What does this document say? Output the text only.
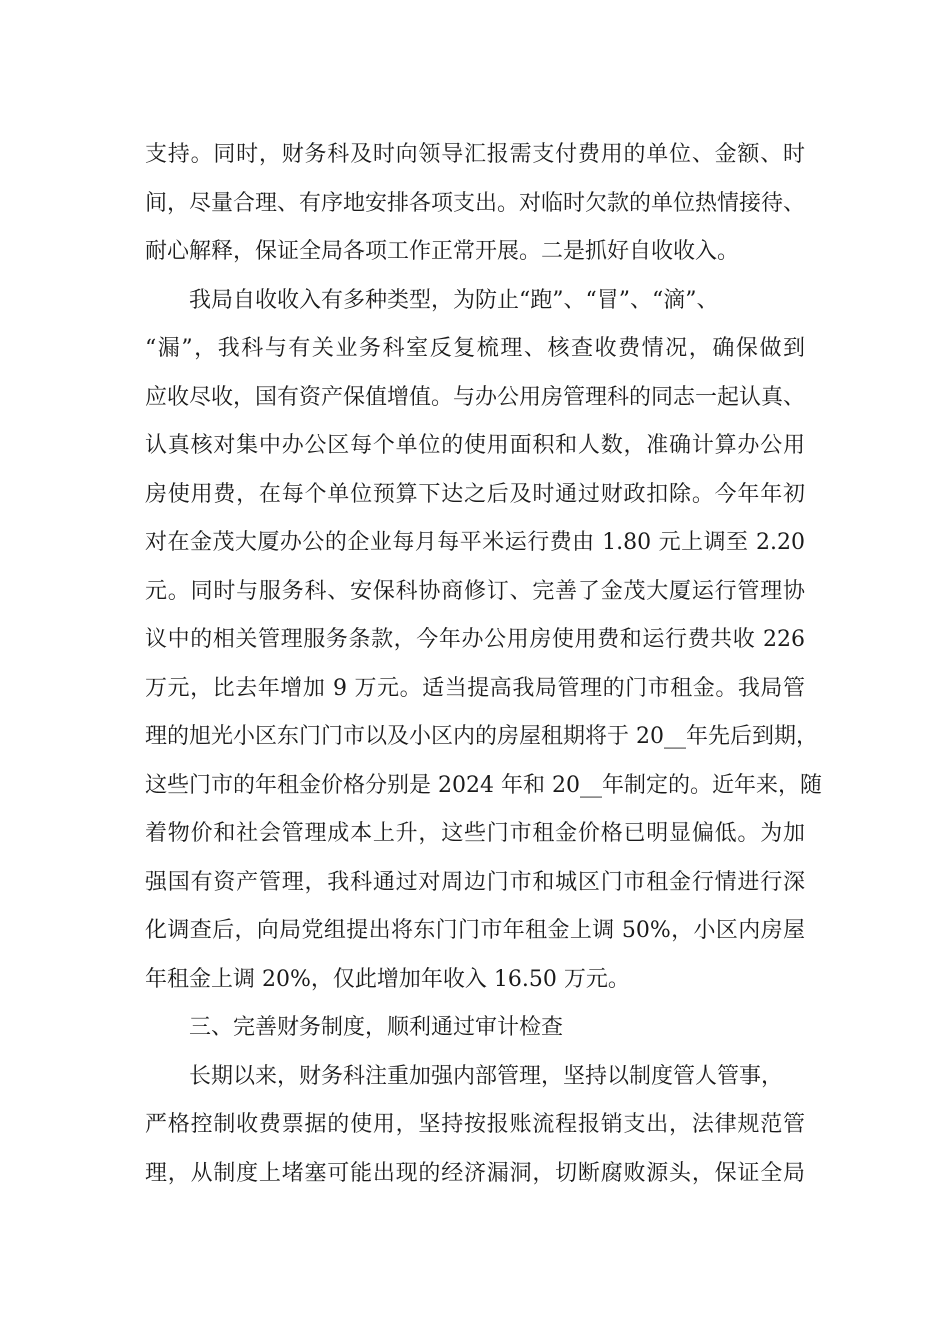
支持。同时，财务科及时向领导汇报需支付费用的单位、金额、时
间，尽量合理、有序地安排各项支出。对临时欠款的单位热情接待、
耐心解释，保证全局各项工作正常开展。二是抓好自收收入。
我局自收收入有多种类型，为防止“跑”、“冒”、“滴”、
“漏”，我科与有关业务科室反复梳理、核查收费情况，确保做到
应收尽收，国有资产保值增值。与办公用房管理科的同志一起认真、
认真核对集中办公区每个单位的使用面积和人数，准确计算办公用
房使用费，在每个单位预算下达之后及时通过财政扣除。今年年初
对在金茂大厦办公的企业每月每平米运行费由 1.80 元上调至 2.20
元。同时与服务科、安保科协商修订、完善了金茂大厦运行管理协
议中的相关管理服务条款，今年办公用房使用费和运行费共收 226
万元，比去年增加 9 万元。适当提高我局管理的门市租金。我局管
理的旭光小区东门门市以及小区内的房屋租期将于 20__年先后到期，
这些门市的年租金价格分别是 2024 年和 20__年制定的。近年来，随
着物价和社会管理成本上升，这些门市租金价格已明显偏低。为加
强国有资产管理，我科通过对周边门市和城区门市租金行情进行深
化调查后，向局党组提出将东门门市年租金上调 50%，小区内房屋
年租金上调 20%，仅此增加年收入 16.50 万元。
三、完善财务制度，顺利通过审计检查
长期以来，财务科注重加强内部管理，坚持以制度管人管事，
严格控制收费票据的使用，坚持按报账流程报销支出，法律规范管
理，从制度上堵塞可能出现的经济漏洞，切断腐败源头，保证全局
